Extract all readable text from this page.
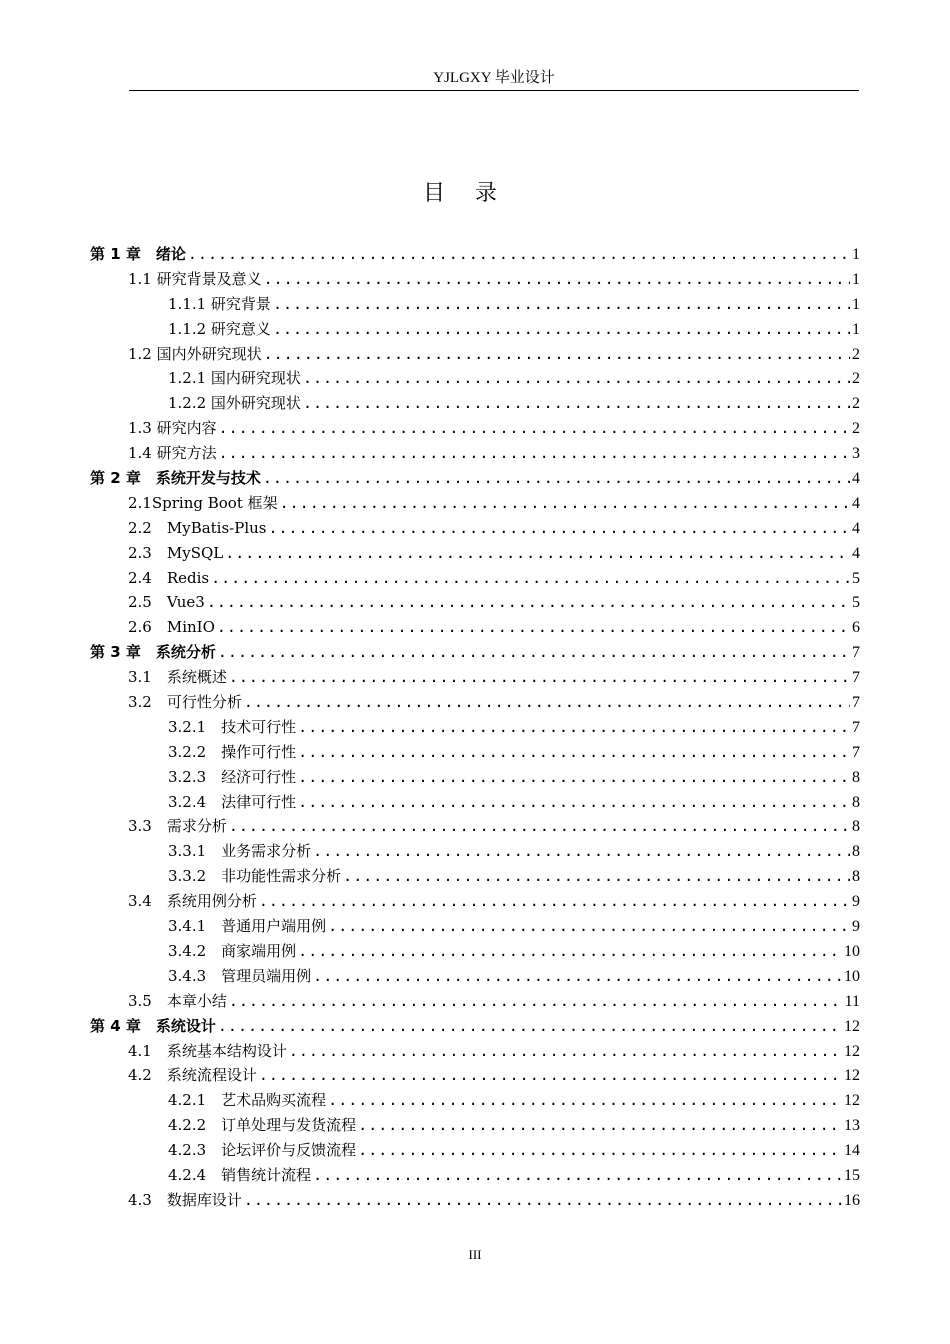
YJLGXY 毕业设计
目录
第 1 章　绪论 .....	1
1.1 研究背景及意义 .....	1
1.1.1 研究背景 .....	1
1.1.2 研究意义 .....	1
1.2 国内外研究现状 .....	2
1.2.1 国内研究现状 .....	2
1.2.2 国外研究现状 .....	2
1.3 研究内容 .....	2
1.4 研究方法 .....	3
第 2 章　系统开发与技术 .....	4
2.1Spring Boot 框架 .....	4
2.2　MyBatis-Plus .....	4
2.3　MySQL .....	4
2.4　Redis .....	5
2.5　Vue3 .....	5
2.6　MinIO .....	6
第 3 章　系统分析 .....	7
3.1　系统概述 .....	7
3.2　可行性分析 .....	7
3.2.1　技术可行性 .....	7
3.2.2　操作可行性 .....	7
3.2.3　经济可行性 .....	8
3.2.4　法律可行性 .....	8
3.3　需求分析 .....	8
3.3.1　业务需求分析 .....	8
3.3.2　非功能性需求分析 .....	8
3.4　系统用例分析 .....	9
3.4.1　普通用户端用例 .....	9
3.4.2　商家端用例 .....	10
3.4.3　管理员端用例 .....	10
3.5　本章小结 .....	11
第 4 章　系统设计 .....	12
4.1　系统基本结构设计 .....	12
4.2　系统流程设计 .....	12
4.2.1　艺术品购买流程 .....	12
4.2.2　订单处理与发货流程 .....	13
4.2.3　论坛评价与反馈流程 .....	14
4.2.4　销售统计流程 .....	15
4.3　数据库设计 .....	16
III
